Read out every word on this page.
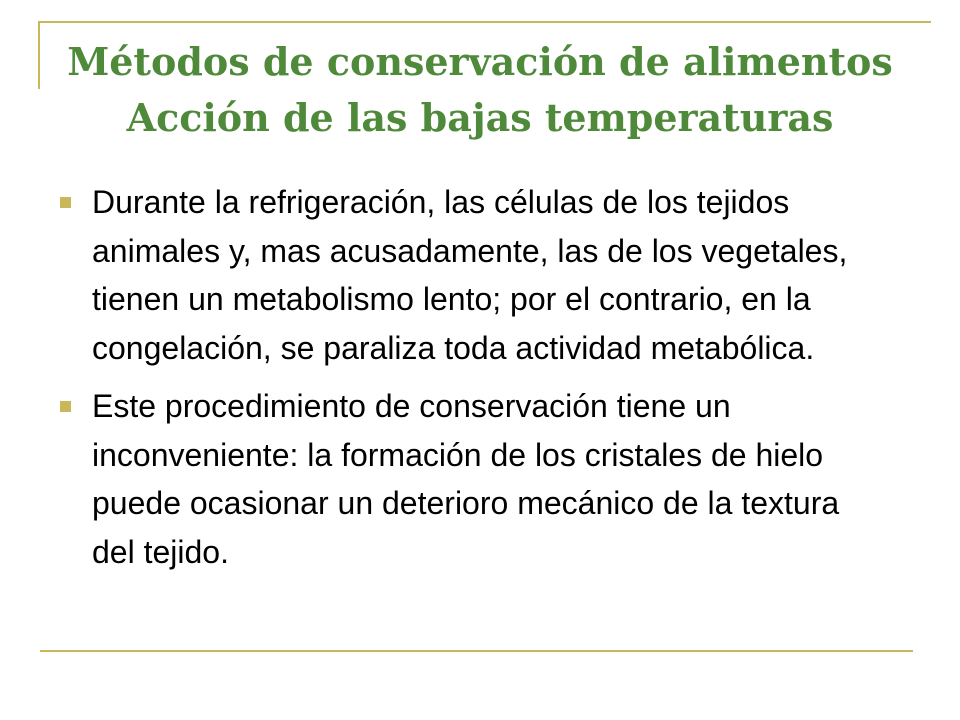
Métodos de conservación de alimentos
Acción de las bajas temperaturas
Durante la refrigeración, las células de los tejidos animales y, mas acusadamente, las de los vegetales, tienen un metabolismo lento; por el contrario, en la congelación, se paraliza toda actividad metabólica.
Este procedimiento de conservación tiene un inconveniente: la formación de los cristales de hielo puede ocasionar un deterioro mecánico de la textura del tejido.
